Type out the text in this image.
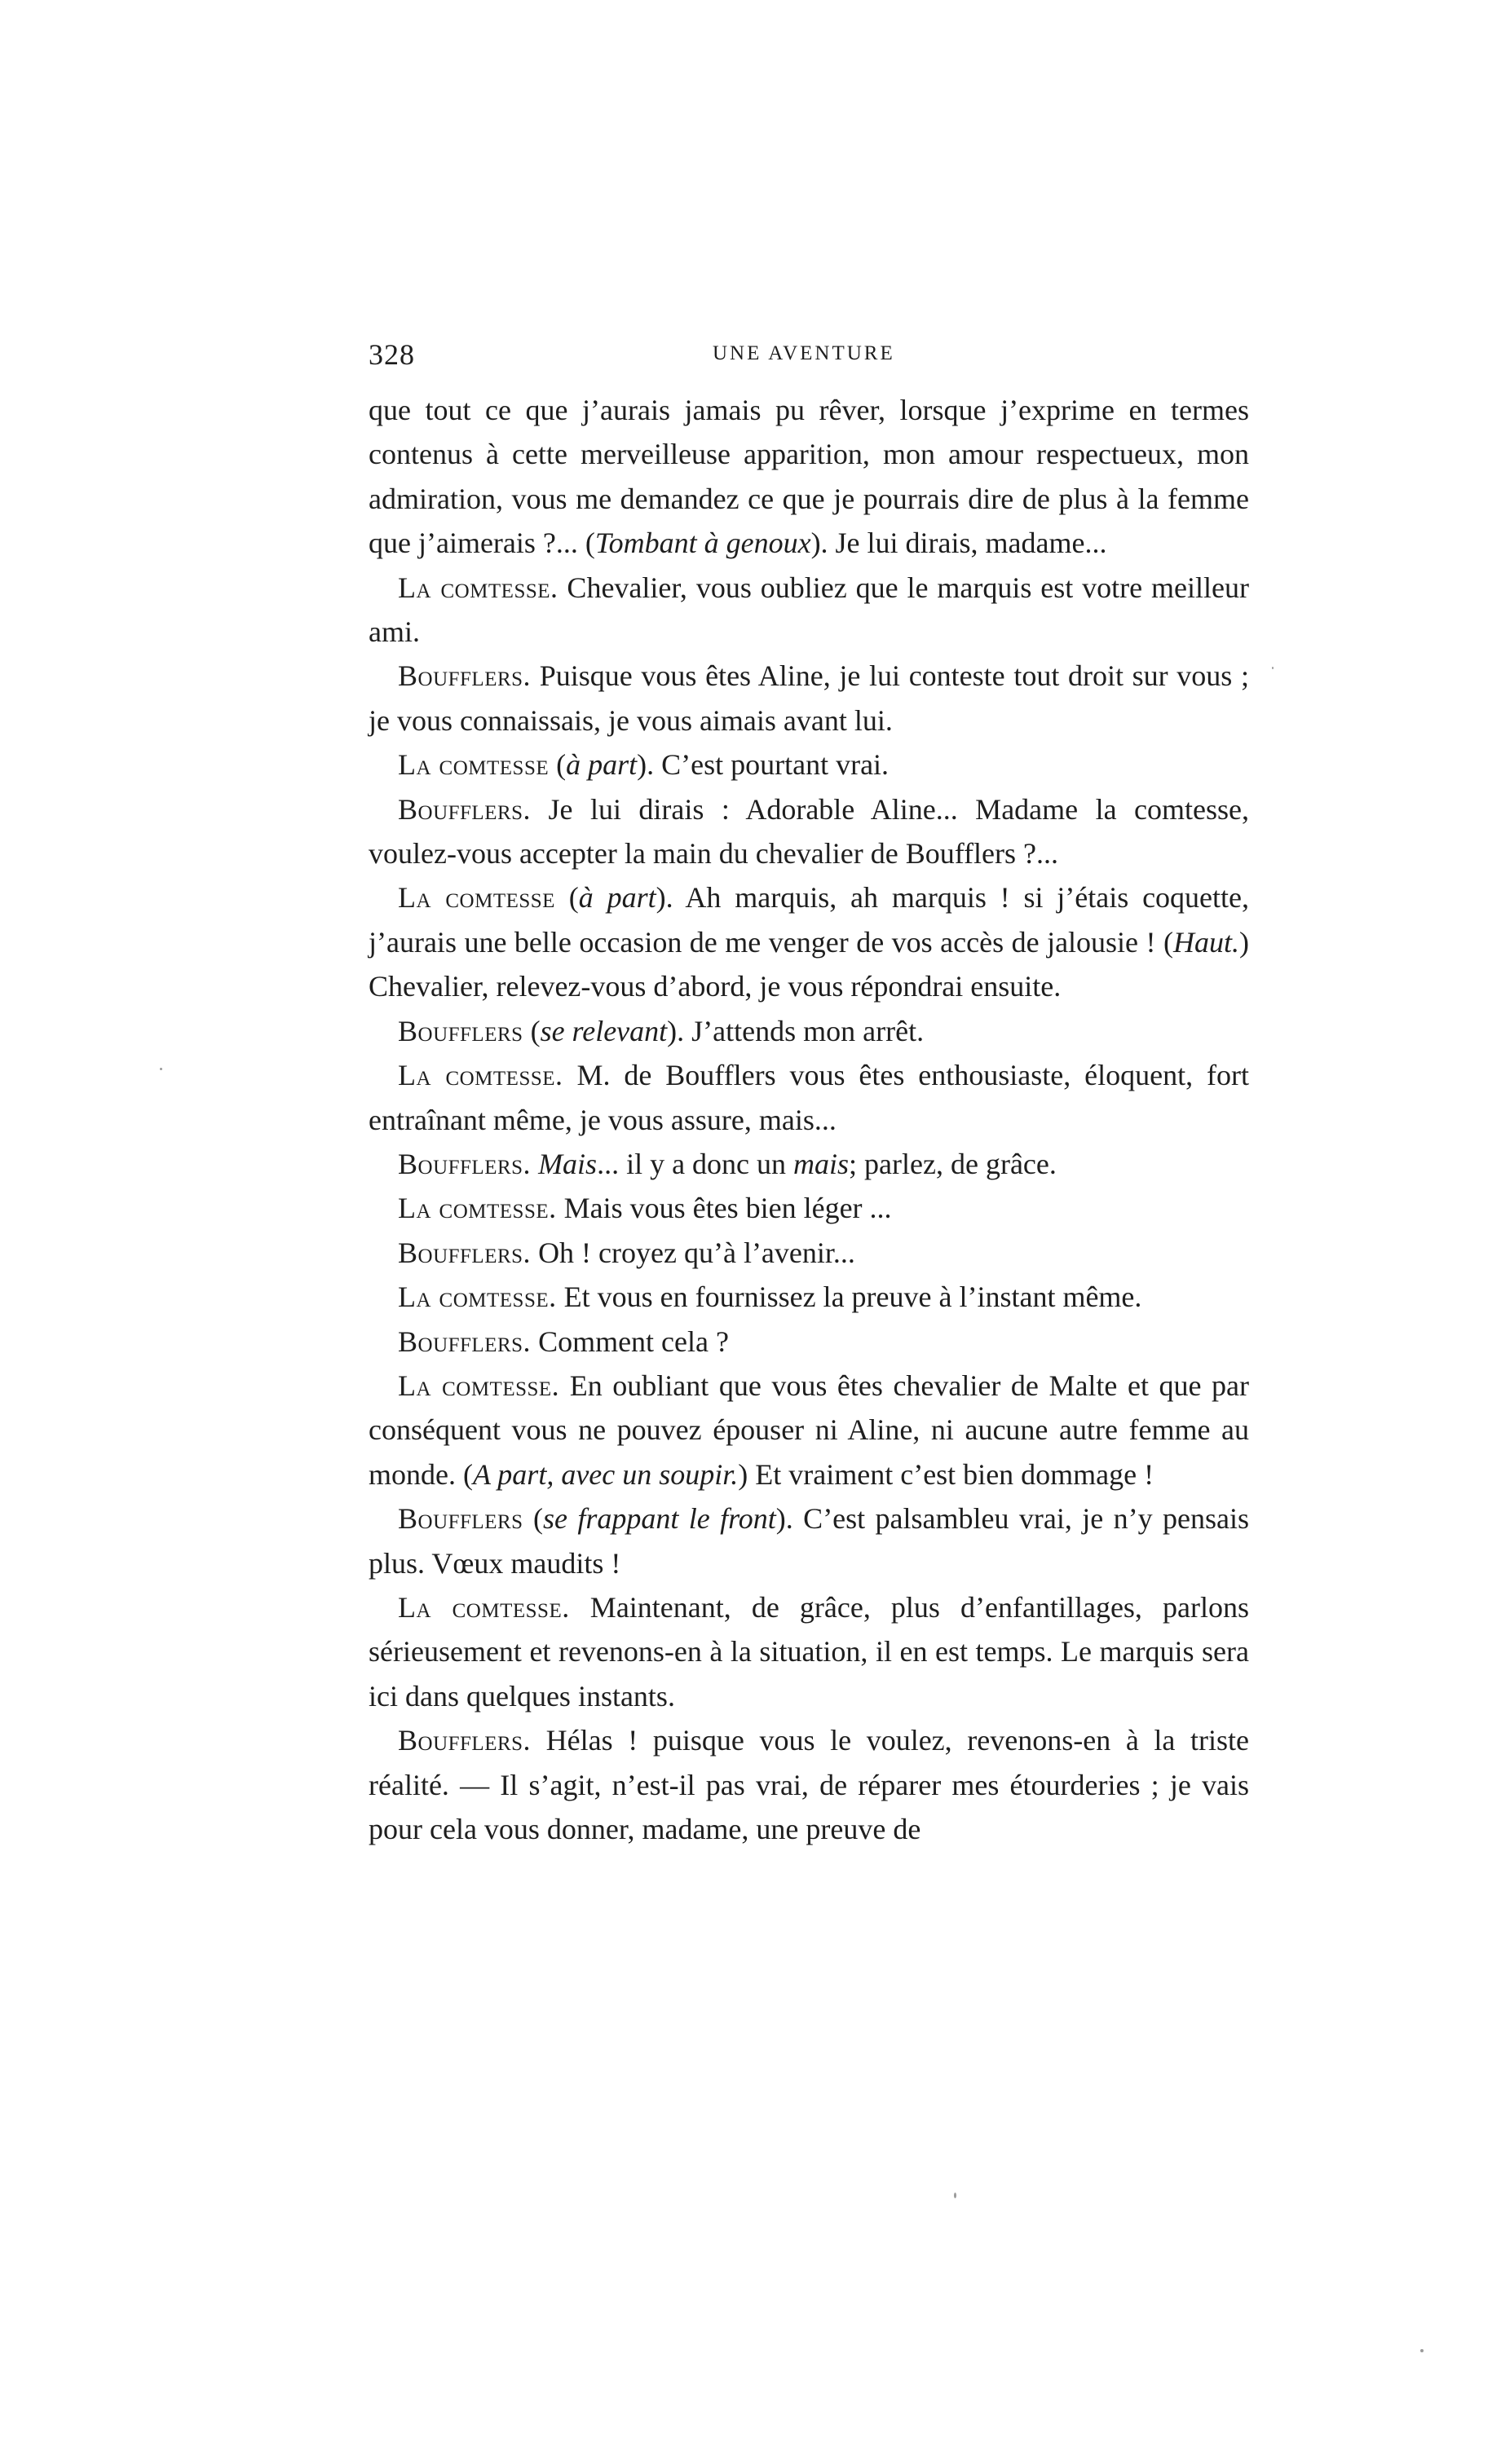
328	UNE AVENTURE

que tout ce que j’aurais jamais pu rêver, lorsque j’exprime en termes contenus à cette merveilleuse apparition, mon amour respectueux, mon admiration, vous me demandez ce que je pourrais dire de plus à la femme que j’aimerais ?... (Tombant à genoux). Je lui dirais, madame...

La comtesse. Chevalier, vous oubliez que le marquis est votre meilleur ami.

Boufflers. Puisque vous êtes Aline, je lui conteste tout droit sur vous ; je vous connaissais, je vous aimais avant lui.

La comtesse (à part). C’est pourtant vrai.

Boufflers. Je lui dirais : Adorable Aline... Madame la comtesse, voulez-vous accepter la main du chevalier de Boufflers ?...

La comtesse (à part). Ah marquis, ah marquis ! si j’étais coquette, j’aurais une belle occasion de me venger de vos accès de jalousie ! (Haut.) Chevalier, relevez-vous d’abord, je vous répondrai ensuite.

Boufflers (se relevant). J’attends mon arrêt.

La comtesse. M. de Boufflers vous êtes enthousiaste, éloquent, fort entraînant même, je vous assure, mais...

Boufflers. Mais... il y a donc un mais; parlez, de grâce.

La comtesse. Mais vous êtes bien léger ...

Boufflers. Oh ! croyez qu’à l’avenir...

La comtesse. Et vous en fournissez la preuve à l’instant même.

Boufflers. Comment cela ?

La comtesse. En oubliant que vous êtes chevalier de Malte et que par conséquent vous ne pouvez épouser ni Aline, ni aucune autre femme au monde. (A part, avec un soupir.) Et vraiment c’est bien dommage !

Boufflers (se frappant le front). C’est palsambleu vrai, je n’y pensais plus. Vœux maudits !

La comtesse. Maintenant, de grâce, plus d’enfantillages, parlons sérieusement et revenons-en à la situation, il en est temps. Le marquis sera ici dans quelques instants.

Boufflers. Hélas ! puisque vous le voulez, revenons-en à la triste réalité. — Il s’agit, n’est-il pas vrai, de réparer mes étourderies ; je vais pour cela vous donner, madame, une preuve de
